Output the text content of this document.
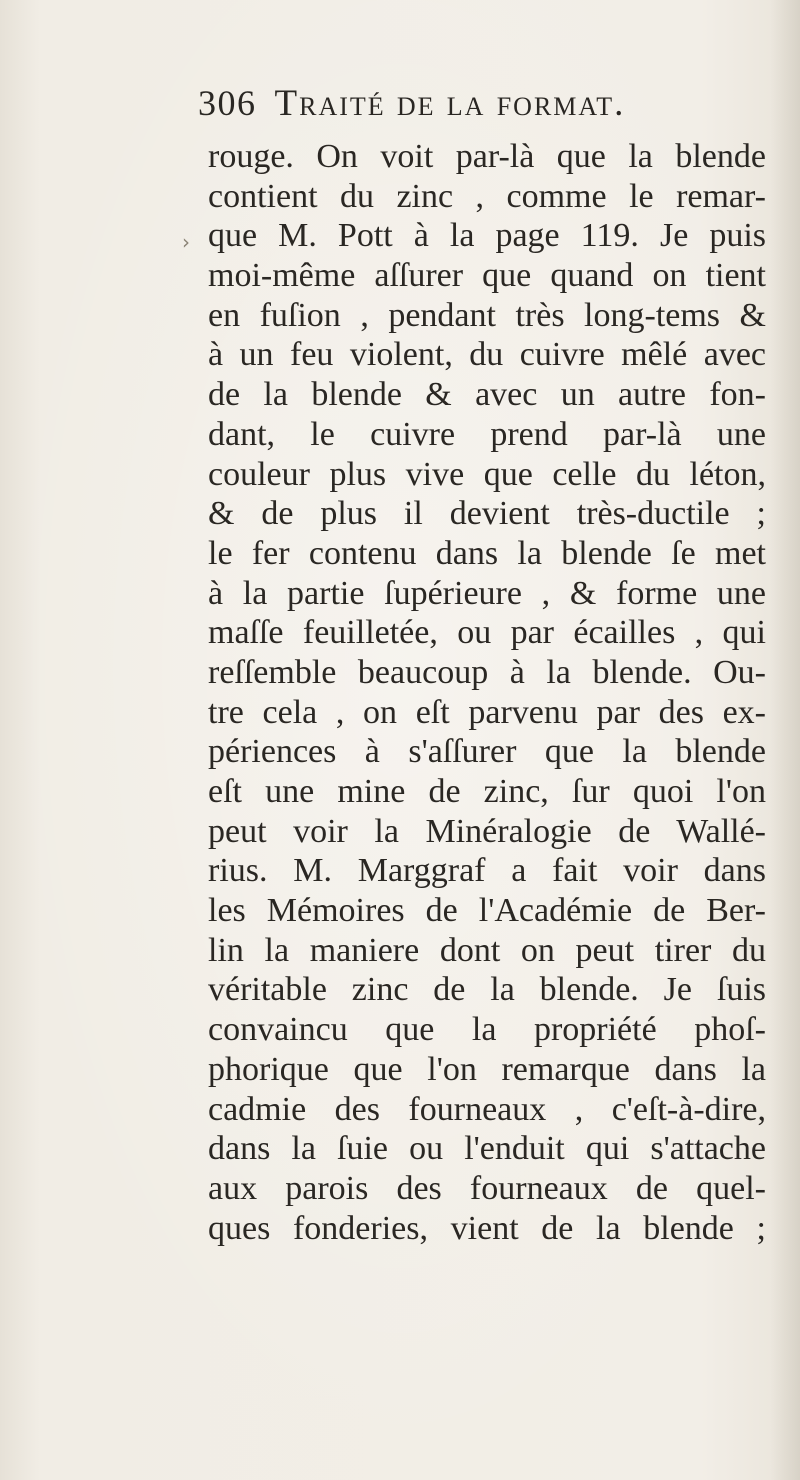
306 Traité de la format.
›
rouge. On voit par-là que la blende
contient du zinc , comme le remar-
que M. Pott à la page 119. Je puis
moi-même aſſurer que quand on tient
en fuſion , pendant très long-tems &
à un feu violent, du cuivre mêlé avec
de la blende & avec un autre fon-
dant, le cuivre prend par-là une
couleur plus vive que celle du léton,
& de plus il devient très-ductile ;
le fer contenu dans la blende ſe met
à la partie ſupérieure , & forme une
maſſe feuilletée, ou par écailles , qui
reſſemble beaucoup à la blende. Ou-
tre cela , on eſt parvenu par des ex-
périences à s'aſſurer que la blende
eſt une mine de zinc, ſur quoi l'on
peut voir la Minéralogie de Wallé-
rius. M. Marggraf a fait voir dans
les Mémoires de l'Académie de Ber-
lin la maniere dont on peut tirer du
véritable zinc de la blende. Je ſuis
convaincu que la propriété phoſ-
phorique que l'on remarque dans la
cadmie des fourneaux , c'eſt-à-dire,
dans la ſuie ou l'enduit qui s'attache
aux parois des fourneaux de quel-
ques fonderies, vient de la blende ;
